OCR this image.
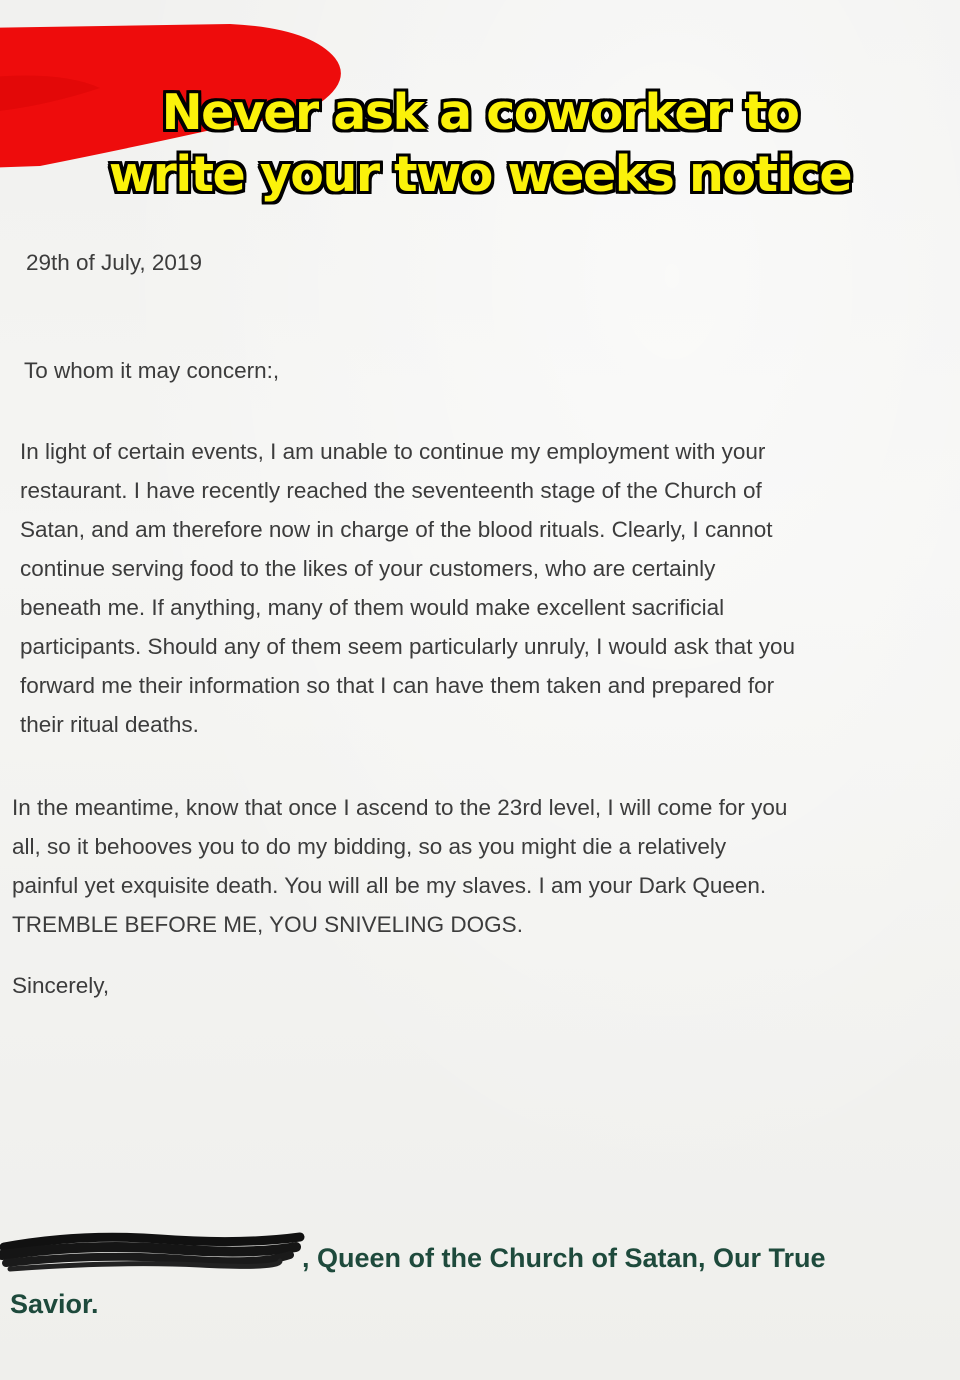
Never ask a coworker to
write your two weeks notice
29th of July, 2019
To whom it may concern:,
In light of certain events, I am unable to continue my employment with your
restaurant. I have recently reached the seventeenth stage of the Church of
Satan, and am therefore now in charge of the blood rituals. Clearly, I cannot
continue serving food to the likes of your customers, who are certainly
beneath me. If anything, many of them would make excellent sacrificial
participants. Should any of them seem particularly unruly, I would ask that you
forward me their information so that I can have them taken and prepared for
their ritual deaths.
In the meantime, know that once I ascend to the 23rd level, I will come for you
all, so it behooves you to do my bidding, so as you might die a relatively
painful yet exquisite death. You will all be my slaves. I am your Dark Queen.
TREMBLE BEFORE ME, YOU SNIVELING DOGS.
Sincerely,
, Queen of the Church of Satan, Our True
Savior.
